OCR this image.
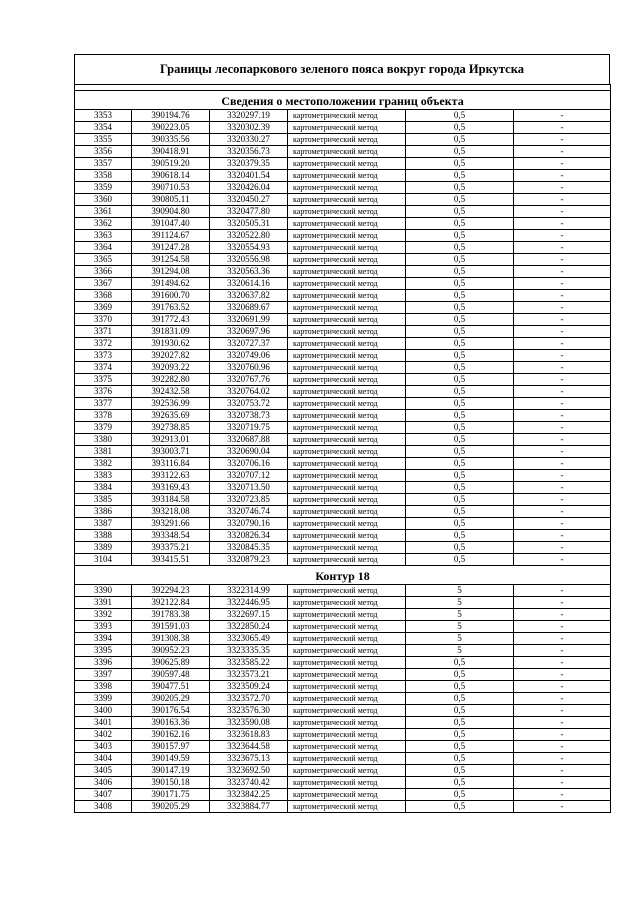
Границы лесопаркового зеленого пояса вокруг города Иркутска

Сведения о местоположении границ объекта					
3353	390194.76	3320297.19	картометрический метод	0,5	-
3354	390223.05	3320302.39	картометрический метод	0,5	-
3355	390335.56	3320330.27	картометрический метод	0,5	-
3356	390418.91	3320356.73	картометрический метод	0,5	-
3357	390519.20	3320379.35	картометрический метод	0,5	-
3358	390618.14	3320401.54	картометрический метод	0,5	-
3359	390710.53	3320426.04	картометрический метод	0,5	-
3360	390805.11	3320450.27	картометрический метод	0,5	-
3361	390904.80	3320477.80	картометрический метод	0,5	-
3362	391047.40	3320505.31	картометрический метод	0,5	-
3363	391124.67	3320522.80	картометрический метод	0,5	-
3364	391247.28	3320554.93	картометрический метод	0,5	-
3365	391254.58	3320556.98	картометрический метод	0,5	-
3366	391294.08	3320563.36	картометрический метод	0,5	-
3367	391494.62	3320614.16	картометрический метод	0,5	-
3368	391600.70	3320637.82	картометрический метод	0,5	-
3369	391763.52	3320689.67	картометрический метод	0,5	-
3370	391772.43	3320691.99	картометрический метод	0,5	-
3371	391831.09	3320697.96	картометрический метод	0,5	-
3372	391930.62	3320727.37	картометрический метод	0,5	-
3373	392027.82	3320749.06	картометрический метод	0,5	-
3374	392093.22	3320760.96	картометрический метод	0,5	-
3375	392282.80	3320767.76	картометрический метод	0,5	-
3376	392432.58	3320764.02	картометрический метод	0,5	-
3377	392536.99	3320753.72	картометрический метод	0,5	-
3378	392635.69	3320738.73	картометрический метод	0,5	-
3379	392738.85	3320719.75	картометрический метод	0,5	-
3380	392913.01	3320687.88	картометрический метод	0,5	-
3381	393003.71	3320690.04	картометрический метод	0,5	-
3382	393116.84	3320706.16	картометрический метод	0,5	-
3383	393122.63	3320707.12	картометрический метод	0,5	-
3384	393169.43	3320713.50	картометрический метод	0,5	-
3385	393184.58	3320723.85	картометрический метод	0,5	-
3386	393218.08	3320746.74	картометрический метод	0,5	-
3387	393291.66	3320790.16	картометрический метод	0,5	-
3388	393348.54	3320826.34	картометрический метод	0,5	-
3389	393375.21	3320845.35	картометрический метод	0,5	-
3104	393415.51	3320879.23	картометрический метод	0,5	-
Контур 18					
3390	392294.23	3322314.99	картометрический метод	5	-
3391	392122.84	3322446.95	картометрический метод	5	-
3392	391783.38	3322697.15	картометрический метод	5	-
3393	391591.03	3322850.24	картометрический метод	5	-
3394	391308.38	3323065.49	картометрический метод	5	-
3395	390952.23	3323335.35	картометрический метод	5	-
3396	390625.89	3323585.22	картометрический метод	0,5	-
3397	390597.48	3323573.21	картометрический метод	0,5	-
3398	390477.51	3323509.24	картометрический метод	0,5	-
3399	390205.29	3323572.70	картометрический метод	0,5	-
3400	390176.54	3323576.30	картометрический метод	0,5	-
3401	390163.36	3323590.08	картометрический метод	0,5	-
3402	390162.16	3323618.83	картометрический метод	0,5	-
3403	390157.97	3323644.58	картометрический метод	0,5	-
3404	390149.59	3323675.13	картометрический метод	0,5	-
3405	390147.19	3323692.50	картометрический метод	0,5	-
3406	390150.18	3323740.42	картометрический метод	0,5	-
3407	390171.75	3323842.25	картометрический метод	0,5	-
3408	390205.29	3323884.77	картометрический метод	0,5	-
